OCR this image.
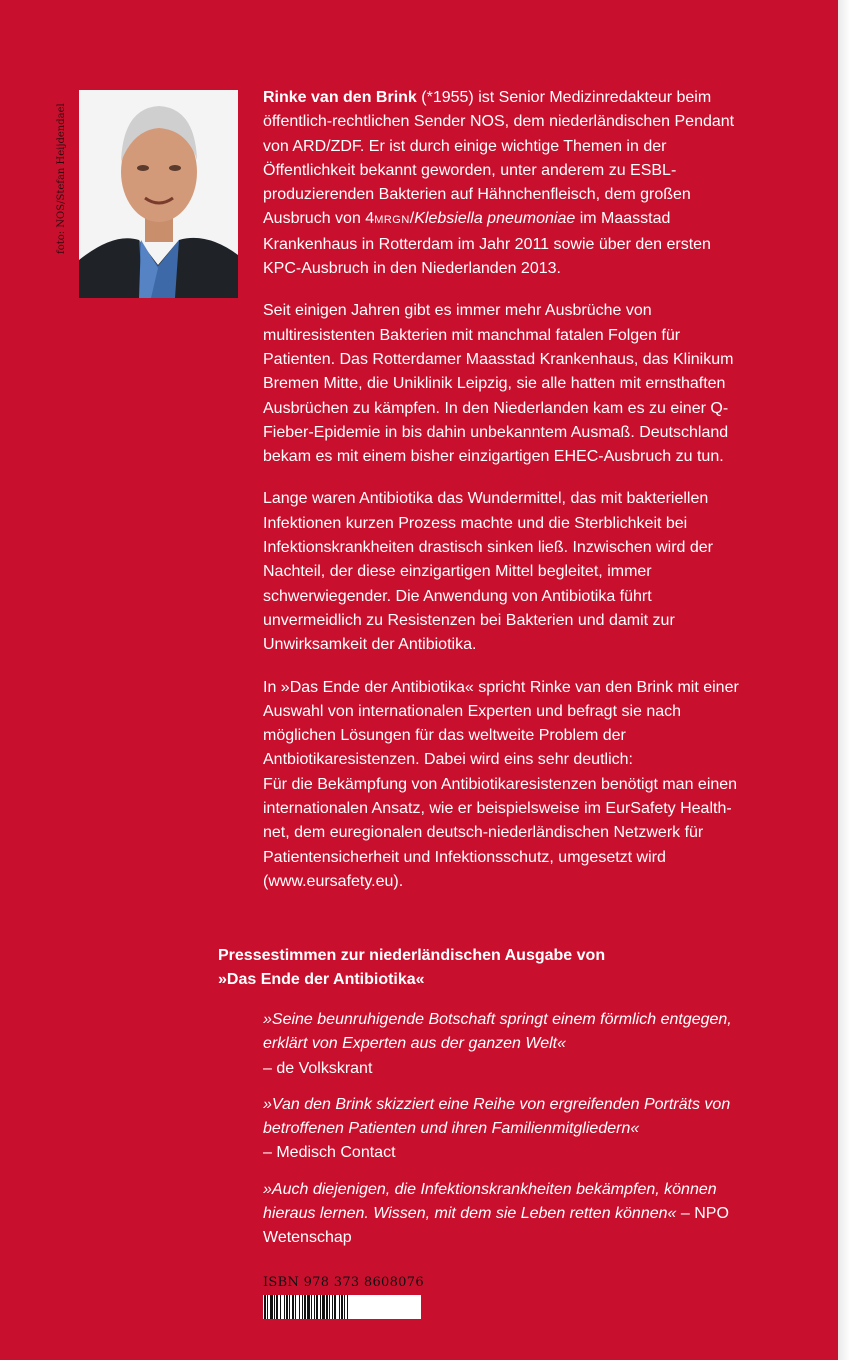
foto: NOS/Stefan Heijdendael

Rinke van den Brink (*1955) ist Senior Medizinredakteur beim öffentlich-rechtlichen Sender NOS, dem niederländischen Pendant von ARD/ZDF. Er ist durch einige wichtige Themen in der Öffentlichkeit bekannt geworden, unter anderem zu ESBL-produzierenden Bakterien auf Hähnchenfleisch, dem großen Ausbruch von 4MRGN/Klebsiella pneumoniae im Maasstad Krankenhaus in Rotterdam im Jahr 2011 sowie über den ersten KPC-Ausbruch in den Niederlanden 2013.

Seit einigen Jahren gibt es immer mehr Ausbrüche von multiresistenten Bakterien mit manchmal fatalen Folgen für Patienten. Das Rotterdamer Maasstad Krankenhaus, das Klinikum Bremen Mitte, die Uniklinik Leipzig, sie alle hatten mit ernsthaften Ausbrüchen zu kämpfen. In den Niederlanden kam es zu einer Q-Fieber-Epidemie in bis dahin unbekanntem Ausmaß. Deutschland bekam es mit einem bisher einzigartigen EHEC-Ausbruch zu tun.

Lange waren Antibiotika das Wundermittel, das mit bakteriellen Infektionen kurzen Prozess machte und die Sterblichkeit bei Infektionskrankheiten drastisch sinken ließ. Inzwischen wird der Nachteil, der diese einzigartigen Mittel begleitet, immer schwerwiegender. Die Anwendung von Antibiotika führt unvermeidlich zu Resistenzen bei Bakterien und damit zur Unwirksamkeit der Antibiotika.

In »Das Ende der Antibiotika« spricht Rinke van den Brink mit einer Auswahl von internationalen Experten und befragt sie nach möglichen Lösungen für das weltweite Problem der Antbiotikaresistenzen. Dabei wird eins sehr deutlich:
Für die Bekämpfung von Antibiotikaresistenzen benötigt man einen internationalen Ansatz, wie er beispielsweise im EurSafety Health-net, dem euregionalen deutsch-niederländischen Netzwerk für Patientensicherheit und Infektionsschutz, umgesetzt wird (www.eursafety.eu).

Pressestimmen zur niederländischen Ausgabe von
»Das Ende der Antibiotika«

»Seine beunruhigende Botschaft springt einem förmlich entgegen, erklärt von Experten aus der ganzen Welt«
– de Volkskrant

»Van den Brink skizziert eine Reihe von ergreifenden Porträts von betroffenen Patienten und ihren Familienmitgliedern«
– Medisch Contact

»Auch diejenigen, die Infektionskrankheiten bekämpfen, können hieraus lernen. Wissen, mit dem sie Leben retten können« – NPO Wetenschap

ISBN 978 373 8608076
